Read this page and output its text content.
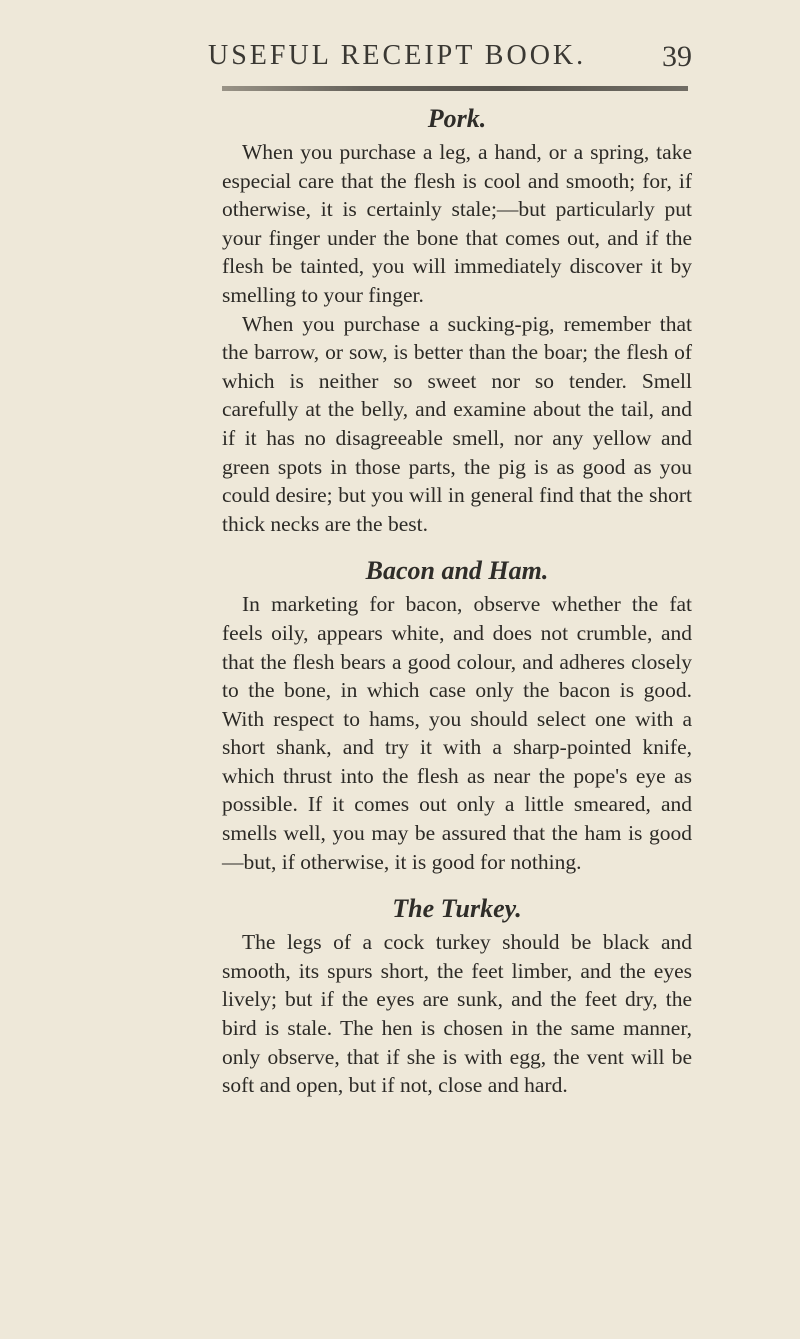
USEFUL RECEIPT BOOK.	39
Pork.

When you purchase a leg, a hand, or a spring, take especial care that the flesh is cool and smooth; for, if otherwise, it is certainly stale;—but particularly put your finger under the bone that comes out, and if the flesh be tainted, you will immediately discover it by smelling to your finger.

When you purchase a sucking-pig, remember that the barrow, or sow, is better than the boar; the flesh of which is neither so sweet nor so tender. Smell carefully at the belly, and examine about the tail, and if it has no disagreeable smell, nor any yellow and green spots in those parts, the pig is as good as you could desire; but you will in general find that the short thick necks are the best.

Bacon and Ham.

In marketing for bacon, observe whether the fat feels oily, appears white, and does not crumble, and that the flesh bears a good colour, and adheres closely to the bone, in which case only the bacon is good. With respect to hams, you should select one with a short shank, and try it with a sharp-pointed knife, which thrust into the flesh as near the pope's eye as possible. If it comes out only a little smeared, and smells well, you may be assured that the ham is good—but, if otherwise, it is good for nothing.

The Turkey.

The legs of a cock turkey should be black and smooth, its spurs short, the feet limber, and the eyes lively; but if the eyes are sunk, and the feet dry, the bird is stale. The hen is chosen in the same manner, only observe, that if she is with egg, the vent will be soft and open, but if not, close and hard.
